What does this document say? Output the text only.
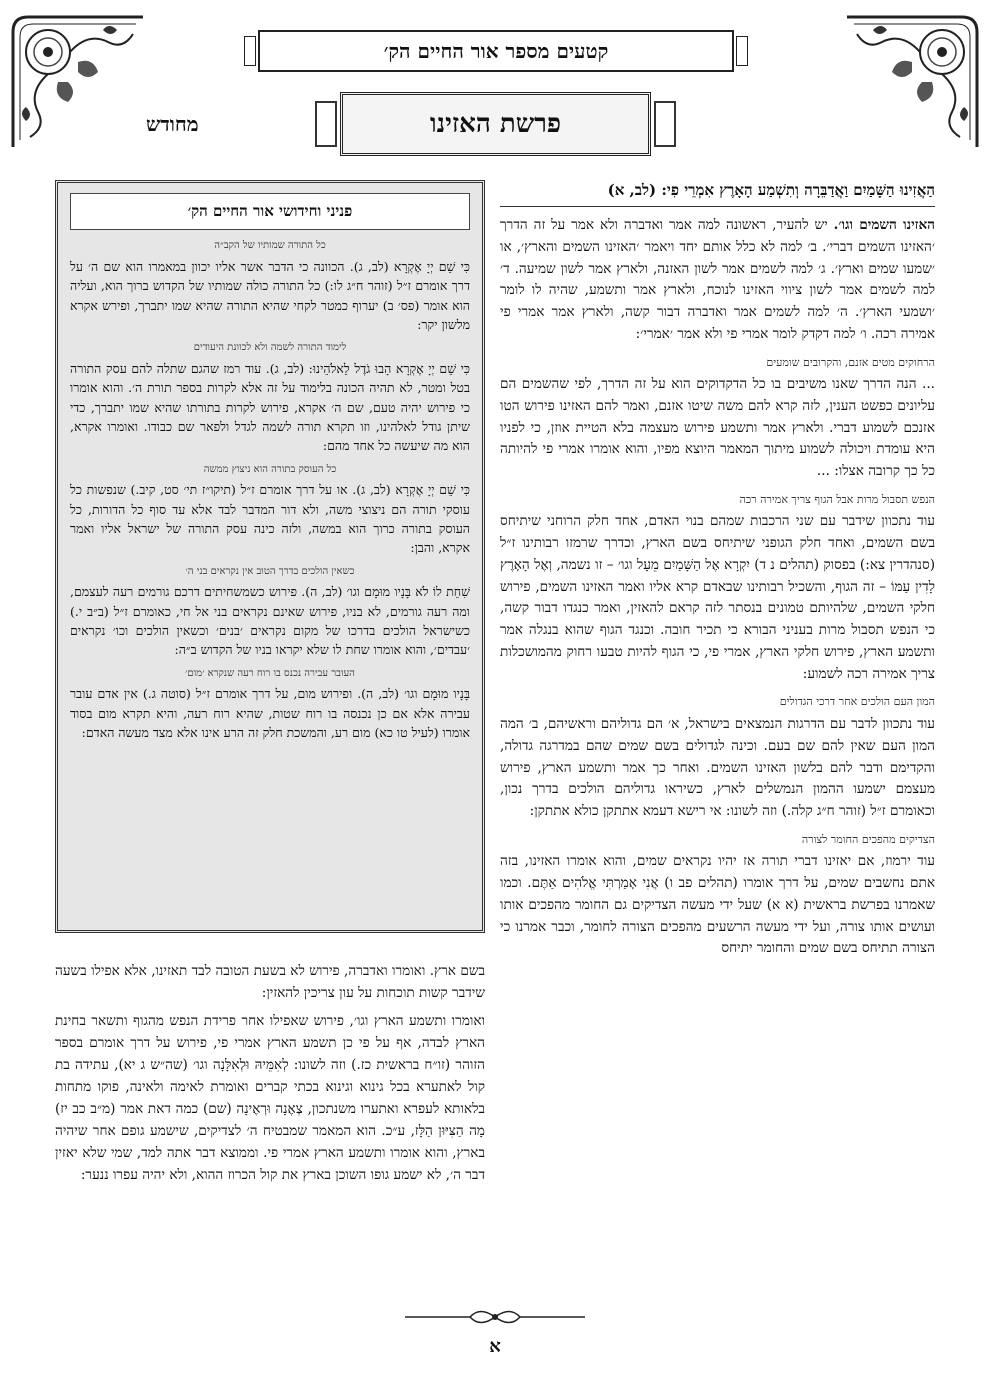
קטעים מספר אור החיים הק׳
פרשת האזינו
מחודש

הַאֲזִינוּ הַשָּׁמַיִם וַאֲדַבֵּרָה וְתִשְׁמַע הָאָרֶץ אִמְרֵי פִי: (לב, א)

האזינו השמים וגו׳. יש להעיר, ראשונה למה אמר ואדברה ולא אמר על זה הדרך ׳האזינו השמים דברי׳. ב׳ למה לא כלל אותם יחד ויאמר ׳האזינו השמים והארץ׳, או ׳שמעו שמים וארץ׳. ג׳ למה לשמים אמר לשון האזנה, ולארץ אמר לשון שמיעה. ד׳ למה לשמים אמר לשון ציווי האזינו לנוכח, ולארץ אמר ותשמע, שהיה לו לומר ׳ושמעי הארץ׳. ה׳ למה לשמים אמר ואדברה דבור קשה, ולארץ אמר אמרי פי אמירה רכה. ו׳ למה דקדק לומר אמרי פי ולא אמר ׳אמרי׳:

הרחוקים מטים אזנם, והקרובים שומעים

... הנה הדרך שאנו משיבים בו כל הדקדוקים הוא על זה הדרך, לפי שהשמים הם עליונים כפשט הענין, לזה קרא להם משה שיטו אזנם, ואמר להם האזינו פירוש הטו אזנכם לשמוע דברי. ולארץ אמר ותשמע פירוש מעצמה בלא הטיית אוזן, כי לפניו היא עומדת ויכולה לשמוע מיתוך המאמר היוצא מפיו, והוא אומרו אמרי פי להיותה כל כך קרובה אצלו: ...

הנפש תסבול מרות אבל הגוף צריך אמירה רכה

עוד נתכוון שידבר עם שני הרכבות שמהם בנוי האדם, אחד חלק הרוחני שיתיחס בשם השמים, ואחד חלק הגופני שיתיחס בשם הארץ, וכדרך שרמזו רבותינו ז״ל (סנהדרין צא:) בפסוק (תהלים נ ד) יִקְרָא אֶל הַשָּׁמַיִם מֵעָל וגו׳ – זו נשמה, וְאֶל הָאָרֶץ לָדִין עַמּוֹ – זה הגוף, והשכיל רבותינו שבאדם קרא אליו ואמר האזינו השמים, פירוש חלקי השמים, שלהיותם טמונים בנסתר לזה קראם להאזין, ואמר כנגדו דבור קשה, כי הנפש תסבול מרות בעניני הבורא כי תכיר חובה. וכנגד הגוף שהוא בנגלה אמר ותשמע הארץ, פירוש חלקי הארץ, אמרי פי, כי הגוף להיות טבעו רחוק מהמושכלות צריך אמירה רכה לשמוע:

המון העם הולכים אחר דרכי הגדולים

עוד נתכוון לדבר עם הדרגות הנמצאים בישראל, א׳ הם גדוליהם וראשיהם, ב׳ המה המון העם שאין להם שם בעם. וכינה לגדולים בשם שמים שהם במדרגה גדולה, והקדימם ודבר להם בלשון האזינו השמים. ואחר כך אמר ותשמע הארץ, פירוש מעצמם ישמעו ההמון הנמשלים לארץ, כשיראו גדוליהם הולכים בדרך נכון, וכאומרם ז״ל (זוהר ח״ג קלה.) וזה לשונו: אי רישא דעמא אתתקן כולא אתתקן:

הצדיקים מהפכים החומר לצורה

עוד ירמוז, אם יאזינו דברי תורה אז יהיו נקראים שמים, והוא אומרו האזינו, בזה אתם נחשבים שמים, על דרך אומרו (תהלים פב ו) אֲנִי אָמַרְתִּי אֱלֹהִים אַתֶּם. וכמו שאמרנו בפרשת בראשית (א א) שעל ידי מעשה הצדיקים גם החומר מהפכים אותו ועושים אותו צורה, ועל ידי מעשה הרשעים מהפכים הצורה לחומר, וכבר אמרנו כי הצורה תתיחס בשם שמים והחומר יתיחס

פניני וחידושי אור החיים הק׳
כל התורה שמותיו של הקב״ה

כִּי שֵׁם יְיָ אֶקְרָא (לב, ג). הכוונה כי הדבר אשר אליו יכוון במאמרו הוא שם ה׳ על דרך אומרם ז״ל (זוהר ח״ג לו:) כל התורה כולה שמותיו של הקדוש ברוך הוא, ועליה הוא אומר (פס׳ ב) יערוף כמטר לקחי שהיא התורה שהיא שמו יתברך, ופירש אקרא מלשון יקר:

לימוד התורה לשמה ולא לכוונת היעודים

כִּי שֵׁם יְיָ אֶקְרָא הָבוּ גֹדֶל לֵאלֹהֵינוּ: (לב, ג). עוד רמז שהגם שתלה להם עסק התורה בטל ומטר, לא תהיה הכונה בלימוד על זה אלא לקרות בספר תורת ה׳. והוא אומרו כי פירוש יהיה טעם, שם ה׳ אקרא, פירוש לקרות בתורתו שהיא שמו יתברך, כדי שיתן גודל לאלהינו, וזו תקרא תורה לשמה לגדל ולפאר שם כבודו. ואומרו אקרא, הוא מה שיעשה כל אחד מהם:

כל העוסק בתורה הוא ניצוץ ממשה

כִּי שֵׁם יְיָ אֶקְרָא (לב, ג). או על דרך אומרם ז״ל (תיקו״ז תי׳ סט, קיב.) שנפשות כל עוסקי תורה הם ניצוצי משה, ולא דור המדבר לבד אלא עד סוף כל הדורות, כל העוסק בתורה כרוך הוא במשה, ולזה כינה עסק התורה של ישראל אליו ואמר אקרא, והבן:

כשאין הולכים בדרך הטוב אין נקראים בני ה׳

שִׁחֵת לוֹ לֹא בָּנָיו מוּמָם וגו׳ (לב, ה). פירוש כשמשחיתים דרכם גורמים רעה לעצמם, ומה רעה גורמים, לא בניו, פירוש שאינם נקראים בני אל חי, כאומרם ז״ל (ב״ב י.) כשישראל הולכים בדרכו של מקום נקראים ׳בנים׳ וכשאין הולכים וכו׳ נקראים ׳עבדים׳, והוא אומרו שחת לו שלא יקראו בניו של הקדוש ב״ה:

העובר עבירה נכנס בו רוח רעה שנקרא ׳מום׳

בָּנָיו מוּמָם וגו׳ (לב, ה). ופירוש מום, על דרך אומרם ז״ל (סוטה ג.) אין אדם עובר עבירה אלא אם כן נכנסה בו רוח שטות, שהיא רוח רעה, והיא תקרא מום בסוד אומרו (לעיל טו כא) מום רע, והמשכת חלק זה הרע אינו אלא מצד מעשה האדם:

בשם ארץ. ואומרו ואדברה, פירוש לא בשעת הטובה לבד תאזינו, אלא אפילו בשעה שידבר קשות תוכחות על עון צריכין להאזין:

ואומרו ותשמע הארץ וגו׳, פירוש שאפילו אחר פרידת הנפש מהגוף ותשאר בחינת הארץ לבדה, אף על פי כן תשמע הארץ אמרי פי, פירוש על דרך אומרם בספר הזוהר (זו״ח בראשית כז.) וזה לשונו: לְאִמֵּיהּ וּלְאִלָּנָה וגו׳ (שה״ש ג יא), עתידה בת קול לאתערא בכל גינוא וגינוא בכתי קברים ואומרת לאימה ולאינה, פוקו מתחות בלאותא לעפרא ואתערו משנתכון, צְאֶנָה וּרְאֶינָה (שם) כמה דאת אמר (מ״ב כב יז) מָה הַצִּיּוּן הַלָּז, ע״כ. הוא המאמר שמבטיח ה׳ לצדיקים, שישמע גופם אחר שיהיה בארץ, והוא אומרו ותשמע הארץ אמרי פי. וממוצא דבר אתה למד, שמי שלא יאזין דבר ה׳, לא ישמע גופו השוכן בארץ את קול הכרוז ההוא, ולא יהיה עפרו ננער:

א
